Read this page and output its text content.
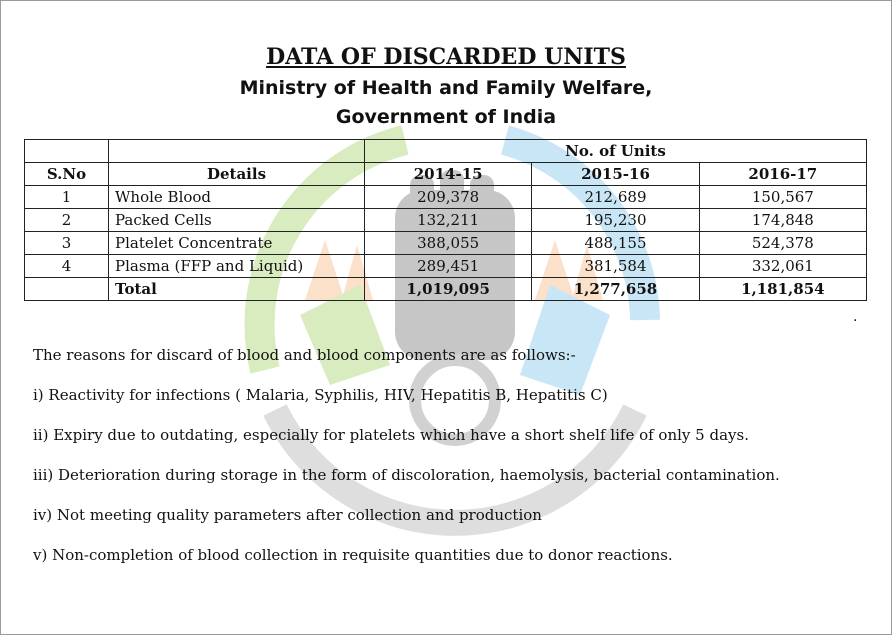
DATA OF DISCARDED UNITS
Ministry of Health and Family Welfare,
Government of India
		No. of Units		
S.No	Details	2014-15	2015-16	2016-17
1	Whole Blood	209,378	212,689	150,567
2	Packed Cells	132,211	195,230	174,848
3	Platelet Concentrate	388,055	488,155	524,378
4	Plasma (FFP and Liquid)	289,451	381,584	332,061
	Total	1,019,095	1,277,658	1,181,854
.

The reasons for discard of blood and blood components are as follows:-

i) Reactivity for infections ( Malaria, Syphilis, HIV, Hepatitis B, Hepatitis C)

ii) Expiry due to outdating, especially for platelets which have a short shelf life of only 5 days.

iii) Deterioration during storage in the form of discoloration, haemolysis, bacterial contamination.

iv) Not meeting quality parameters after collection and production

v) Non-completion of blood collection in requisite quantities due to donor reactions.
